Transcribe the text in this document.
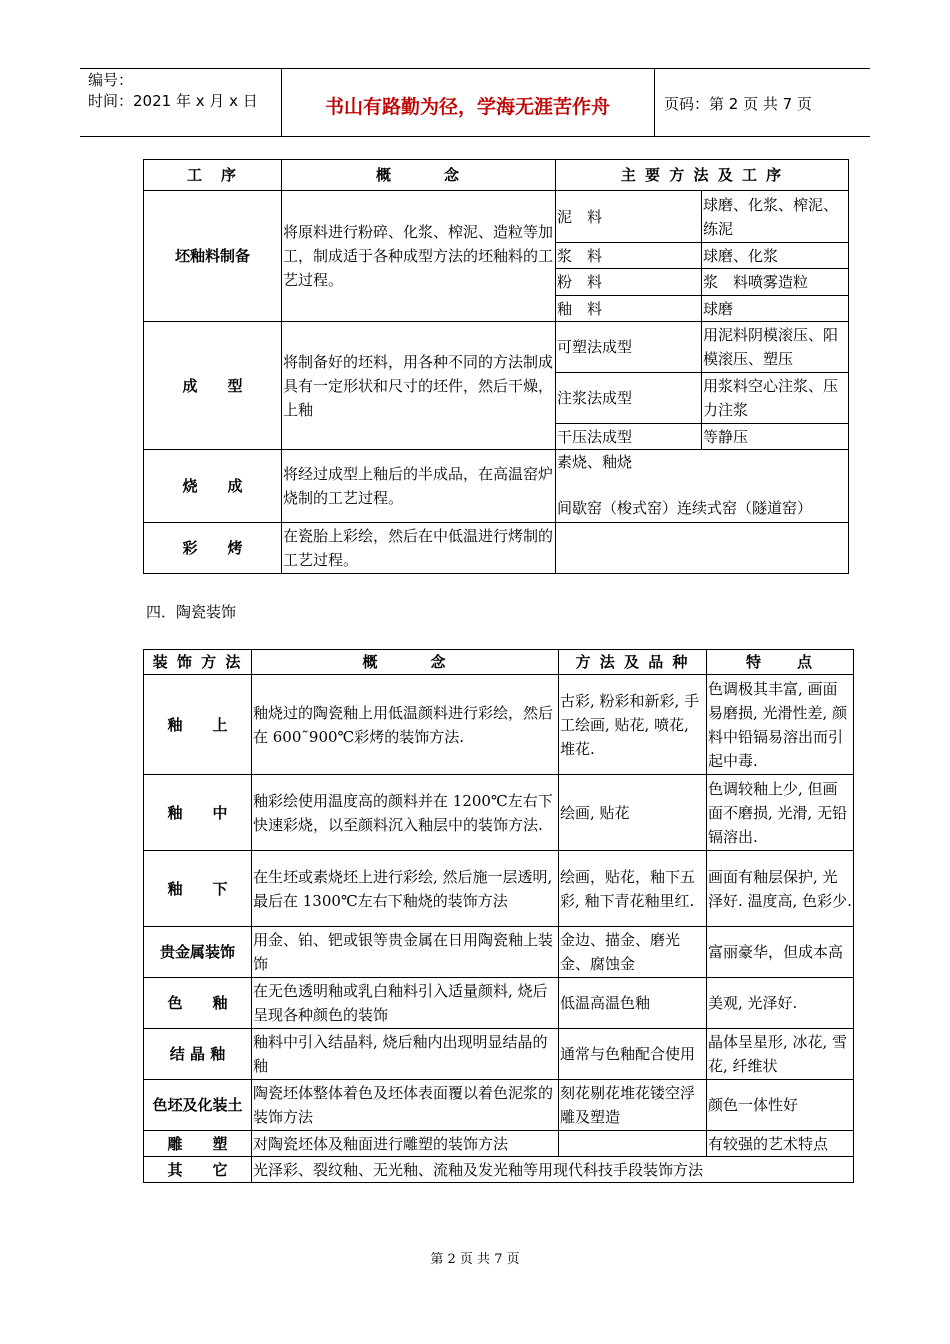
编号：
时间：2021 年 x 月 x 日	书山有路勤为径，学海无涯苦作舟	页码：第 2 页 共 7 页
工　序	概　　　念	主 要 方 法 及 工 序	
坯釉料制备	将原料进行粉碎、化浆、榨泥、造粒等加工，制成适于各种成型方法的坯釉料的工艺过程。	泥　料	球磨、化浆、榨泥、练泥
		浆　料	球磨、化浆
		粉　料	浆　料喷雾造粒
		釉　料	球磨
成　　型	将制备好的坯料，用各种不同的方法制成具有一定形状和尺寸的坯件，然后干燥，上釉	可塑法成型	用泥料阴模滚压、阳模滚压、塑压
		注浆法成型	用浆料空心注浆、压力注浆
		干压法成型	等静压
烧　　成	将经过成型上釉后的半成品，在高温窑炉烧制的工艺过程。	素烧、釉烧
间歇窑（梭式窑）连续式窑（隧道窑）	

彩　　烤	在瓷胎上彩绘，然后在中低温进行烤制的工艺过程。		
四．陶瓷装饰
装 饰 方 法	概　　　念	方 法 及 品 种	特　　点
釉　　上	釉烧过的陶瓷釉上用低温颜料进行彩绘，然后在 600˜900℃彩烤的装饰方法.	古彩, 粉彩和新彩, 手工绘画, 贴花, 喷花, 堆花.	色调极其丰富, 画面易磨损, 光滑性差, 颜料中铅镉易溶出而引起中毒.
釉　　中	釉彩绘使用温度高的颜料并在 1200℃左右下快速彩烧，以至颜料沉入釉层中的装饰方法.	绘画, 贴花	色调较釉上少, 但画面不磨损, 光滑, 无铅镉溶出.
釉　　下	在生坯或素烧坯上进行彩绘, 然后施一层透明, 最后在 1300℃左右下釉烧的装饰方法	绘画，贴花，釉下五彩, 釉下青花釉里红.	画面有釉层保护, 光泽好. 温度高, 色彩少.
贵金属装饰	用金、铂、钯或银等贵金属在日用陶瓷釉上装饰	金边、描金、磨光金、腐蚀金	富丽豪华，但成本高
色　　釉	在无色透明釉或乳白釉料引入适量颜料, 烧后呈现各种颜色的装饰	低温高温色釉	美观, 光泽好.
结 晶 釉	釉料中引入结晶料, 烧后釉内出现明显结晶的釉	通常与色釉配合使用	晶体呈星形, 冰花, 雪花, 纤维状
色坯及化装土	陶瓷坯体整体着色及坯体表面覆以着色泥浆的装饰方法	刻花剔花堆花镂空浮雕及塑造	颜色一体性好
雕　　塑	对陶瓷坯体及釉面进行雕塑的装饰方法		有较强的艺术特点
其　　它	光泽彩、裂纹釉、无光釉、流釉及发光釉等用现代科技手段装饰方法		
第 2 页 共 7 页
